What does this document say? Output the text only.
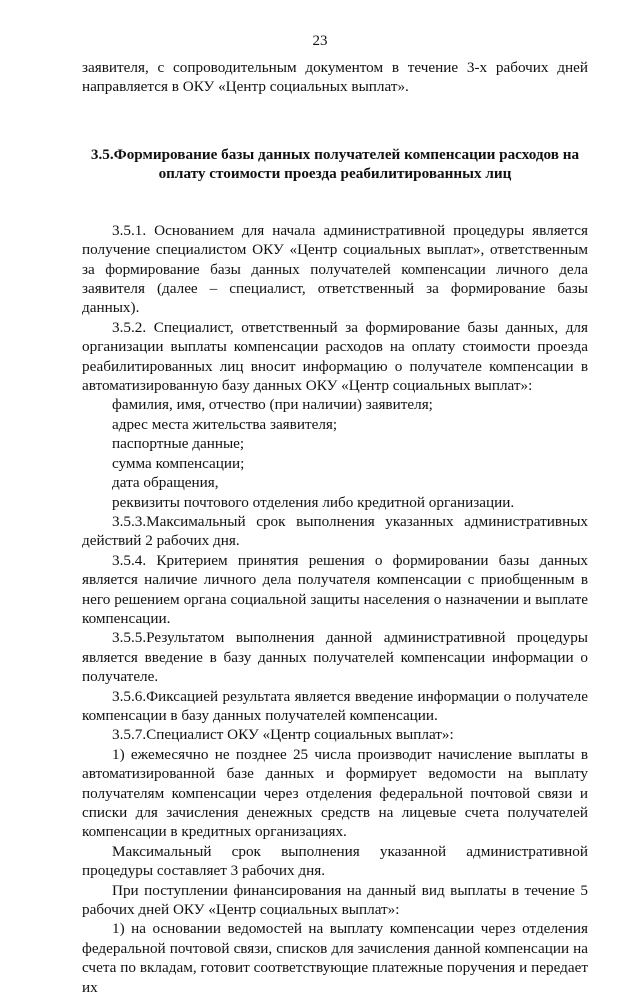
23

заявителя, с сопроводительным документом в течение 3-х рабочих дней направляется в ОКУ «Центр социальных выплат».

3.5.Формирование базы данных получателей компенсации расходов на оплату стоимости проезда реабилитированных лиц

3.5.1. Основанием для начала административной процедуры является получение специалистом ОКУ «Центр социальных выплат», ответственным за формирование базы данных получателей компенсации личного дела заявителя (далее – специалист, ответственный за формирование базы данных).

3.5.2. Специалист, ответственный за формирование базы данных, для организации выплаты компенсации расходов на оплату стоимости проезда реабилитированных лиц вносит информацию о получателе компенсации в автоматизированную базу данных ОКУ «Центр социальных выплат»:

фамилия, имя, отчество (при наличии) заявителя;

адрес места жительства заявителя;

паспортные данные;

сумма компенсации;

дата обращения,

реквизиты почтового отделения либо кредитной организации.

3.5.3.Максимальный срок выполнения указанных административных действий 2 рабочих дня.

3.5.4. Критерием принятия решения о формировании базы данных является наличие личного дела получателя компенсации с приобщенным в него решением органа социальной защиты населения о назначении и выплате компенсации.

3.5.5.Результатом выполнения данной административной процедуры является введение в базу данных получателей компенсации информации о получателе.

3.5.6.Фиксацией результата является введение информации о получателе компенсации в базу данных получателей компенсации.

3.5.7.Специалист ОКУ «Центр социальных выплат»:

1) ежемесячно не позднее 25 числа производит начисление выплаты в автоматизированной базе данных и формирует ведомости на выплату получателям компенсации через отделения федеральной почтовой связи и списки для зачисления денежных средств на лицевые счета получателей компенсации в кредитных организациях.

Максимальный срок выполнения указанной административной процедуры составляет 3 рабочих дня.

При поступлении финансирования на данный вид выплаты в течение 5 рабочих дней ОКУ «Центр социальных выплат»:

1) на основании ведомостей на выплату компенсации через отделения федеральной почтовой связи, списков для зачисления данной компенсации на счета по вкладам, готовит соответствующие платежные поручения и передает их
